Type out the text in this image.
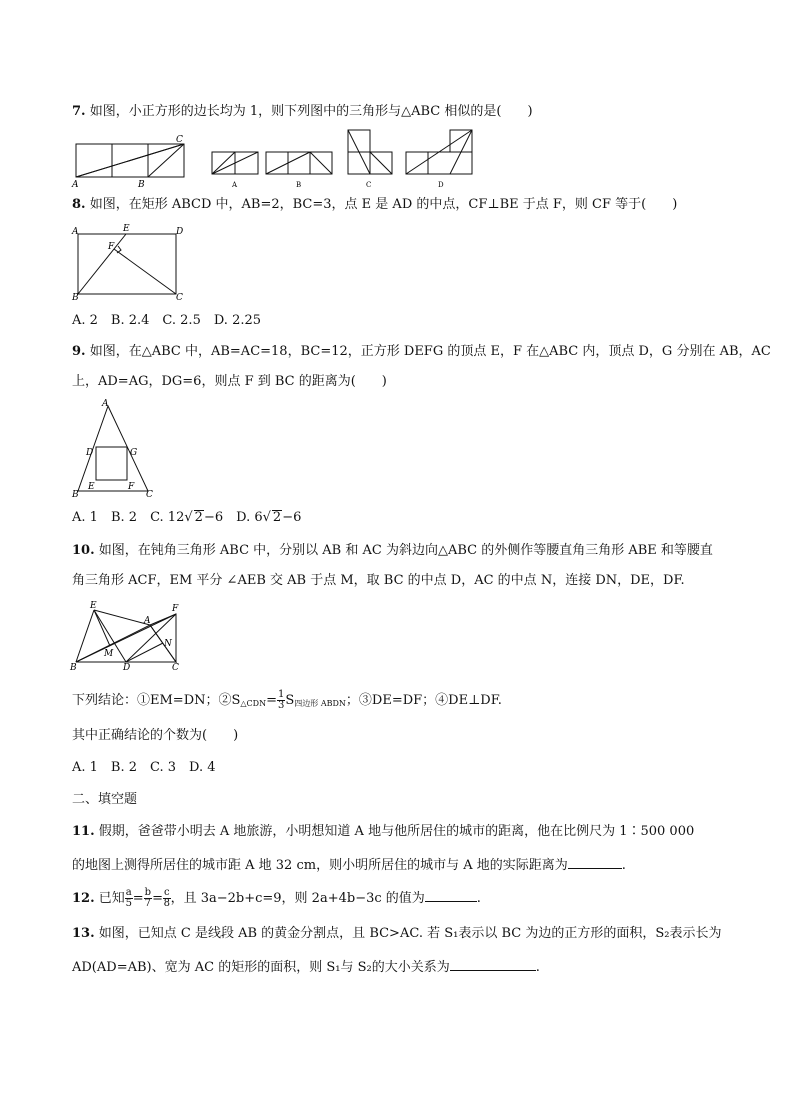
7. 如图，小正方形的边长均为 1，则下列图中的三角形与△ABC 相似的是(　　)
A	B
C
A	B	C	D
8. 如图，在矩形 ABCD 中，AB=2，BC=3，点 E 是 AD 的中点，CF⊥BE 于点 F，则 CF 等于(　　)
A	E	D
F
B	C
A. 2　B. 2.4　C. 2.5　D. 2.25
9. 如图，在△ABC 中，AB=AC=18，BC=12，正方形 DEFG 的顶点 E，F 在△ABC 内，顶点 D，G 分别在 AB，AC
上，AD=AG，DG=6，则点 F 到 BC 的距离为(　　)
A
D	G
B
E	F
C
A. 1　 B. 2　 C. 12√ 2−6　 D. 6√ 2−6
10. 如图，在钝角三角形 ABC 中，分别以 AB 和 AC 为斜边向△ABC 的外侧作等腰直角三角形 ABE 和等腰直
角三角形 ACF，EM 平分 ∠AEB 交 AB 于点 M，取 BC 的中点 D，AC 的中点 N，连接 DN，DE，DF.
E
A
F
N
M
B	D	C
下列结论：①EM=DN；$②S_{\triangle CDN}= \frac{1}{3} S_{四边形 ABDN}$；③DE=DF；④DE⊥DF.
其中正确结论的个数为(　　)
A. 1　B. 2　C. 3　D. 4
二、填空题
11. 假期，爸爸带小明去 A 地旅游，小明想知道 A 地与他所居住的城市的距离，他在比例尺为 1∶500 000
的地图上测得所居住的城市距 A 地 32 cm，则小明所居住的城市与 A 地的实际距离为	.
12. 已知 $\frac{a}{5} = \frac{b}{7} = \frac{c}{8}$ ，且 3a−2b+c=9，则 2a+4b−3c 的值为	.
13. 如图，已知点 C 是线段 AB 的黄金分割点，且 BC>AC. 若 S₁表示以 BC 为边的正方形的面积，S₂表示长为
AD(AD=AB)、宽为 AC 的矩形的面积，则 S₁与 S₂的大小关系为	.
